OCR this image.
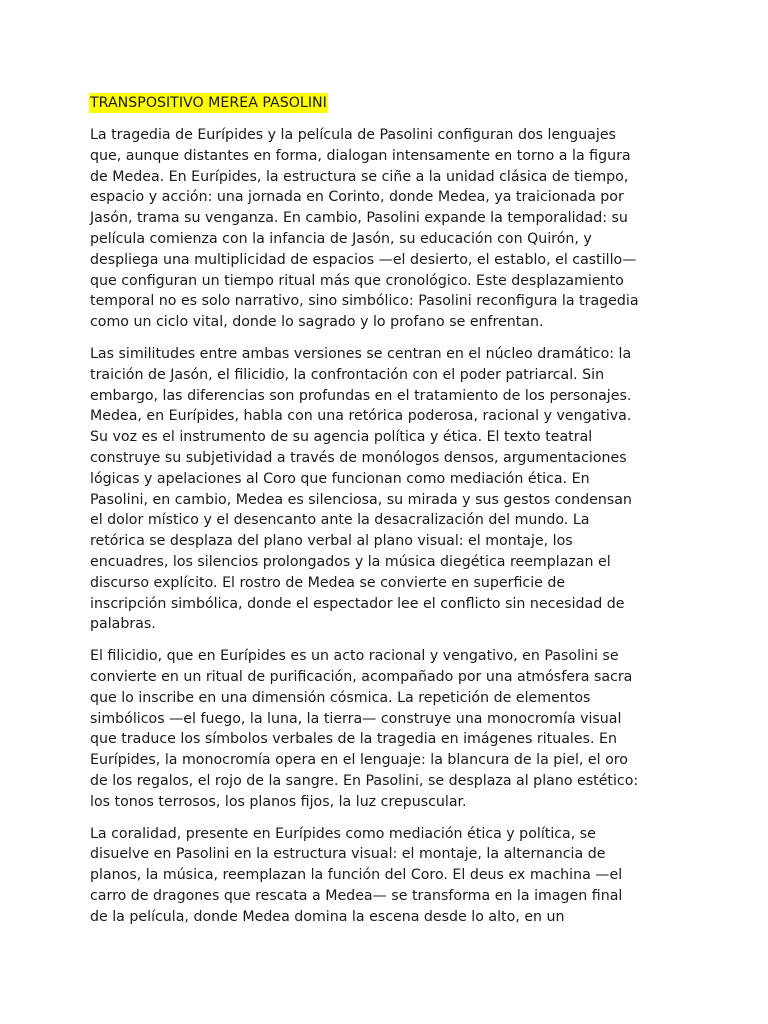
TRANSPOSITIVO MEREA PASOLINI
La tragedia de Eurípides y la película de Pasolini configuran dos lenguajes
que, aunque distantes en forma, dialogan intensamente en torno a la figura
de Medea. En Eurípides, la estructura se ciñe a la unidad clásica de tiempo,
espacio y acción: una jornada en Corinto, donde Medea, ya traicionada por
Jasón, trama su venganza. En cambio, Pasolini expande la temporalidad: su
película comienza con la infancia de Jasón, su educación con Quirón, y
despliega una multiplicidad de espacios —el desierto, el establo, el castillo—
que configuran un tiempo ritual más que cronológico. Este desplazamiento
temporal no es solo narrativo, sino simbólico: Pasolini reconfigura la tragedia
como un ciclo vital, donde lo sagrado y lo profano se enfrentan.
Las similitudes entre ambas versiones se centran en el núcleo dramático: la
traición de Jasón, el filicidio, la confrontación con el poder patriarcal. Sin
embargo, las diferencias son profundas en el tratamiento de los personajes.
Medea, en Eurípides, habla con una retórica poderosa, racional y vengativa.
Su voz es el instrumento de su agencia política y ética. El texto teatral
construye su subjetividad a través de monólogos densos, argumentaciones
lógicas y apelaciones al Coro que funcionan como mediación ética. En
Pasolini, en cambio, Medea es silenciosa, su mirada y sus gestos condensan
el dolor místico y el desencanto ante la desacralización del mundo. La
retórica se desplaza del plano verbal al plano visual: el montaje, los
encuadres, los silencios prolongados y la música diegética reemplazan el
discurso explícito. El rostro de Medea se convierte en superficie de
inscripción simbólica, donde el espectador lee el conflicto sin necesidad de
palabras.
El filicidio, que en Eurípides es un acto racional y vengativo, en Pasolini se
convierte en un ritual de purificación, acompañado por una atmósfera sacra
que lo inscribe en una dimensión cósmica. La repetición de elementos
simbólicos —el fuego, la luna, la tierra— construye una monocromía visual
que traduce los símbolos verbales de la tragedia en imágenes rituales. En
Eurípides, la monocromía opera en el lenguaje: la blancura de la piel, el oro
de los regalos, el rojo de la sangre. En Pasolini, se desplaza al plano estético:
los tonos terrosos, los planos fijos, la luz crepuscular.
La coralidad, presente en Eurípides como mediación ética y política, se
disuelve en Pasolini en la estructura visual: el montaje, la alternancia de
planos, la música, reemplazan la función del Coro. El deus ex machina —el
carro de dragones que rescata a Medea— se transforma en la imagen final
de la película, donde Medea domina la escena desde lo alto, en un
